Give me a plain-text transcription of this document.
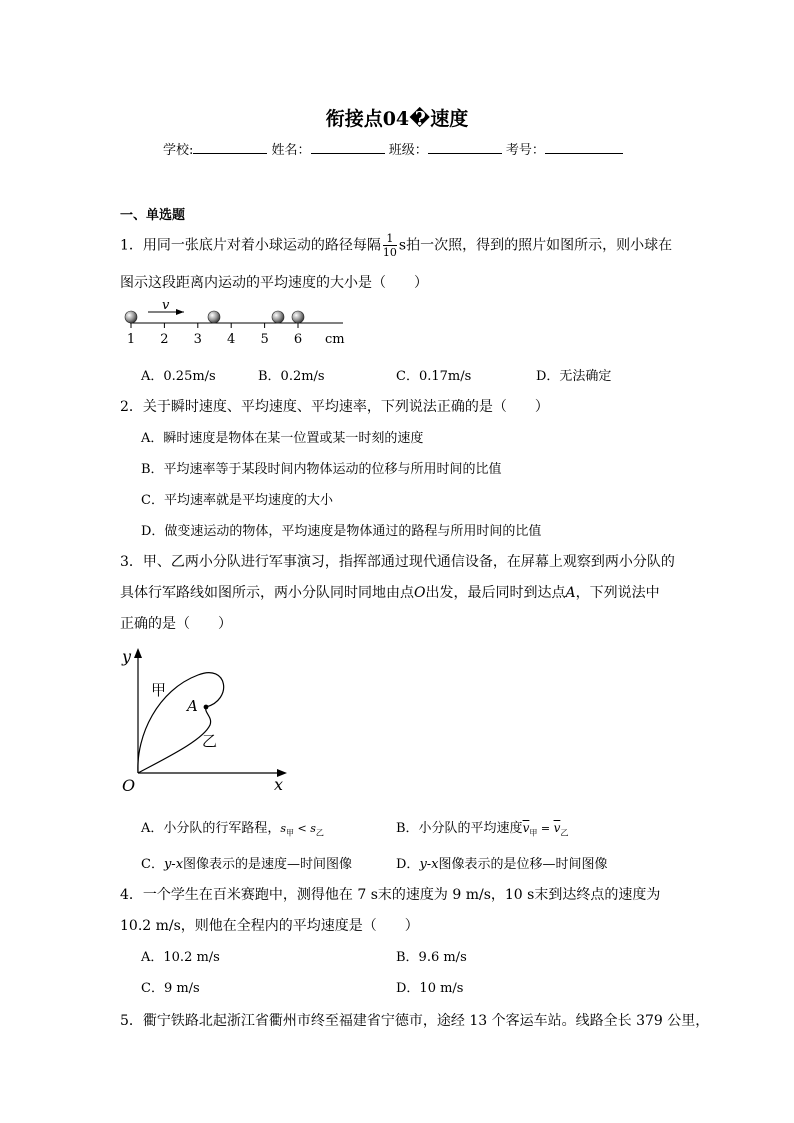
衔接点04�速度
学校:	姓名：	班级：	考号：
一、单选题
1．用同一张底片对着小球运动的路径每隔 $\frac{1}{10}$ s拍一次照，得到的照片如图所示，则小球在
图示这段距离内运动的平均速度的大小是（　　）
v
1 2 3 4 5 6 cm
A．0.25m/s	B．0.2m/s	C．0.17m/s	D．无法确定
2．关于瞬时速度、平均速度、平均速率，下列说法正确的是（　　）
A．瞬时速度是物体在某一位置或某一时刻的速度
B．平均速率等于某段时间内物体运动的位移与所用时间的比值
C．平均速率就是平均速度的大小
D．做变速运动的物体，平均速度是物体通过的路程与所用时间的比值
3．甲、乙两小分队进行军事演习，指挥部通过现代通信设备，在屏幕上观察到两小分队的
具体行军路线如图所示，两小分队同时同地由点O出发，最后同时到达点A，下列说法中
正确的是（　　）
y
x
O
甲
A
乙
A．小分队的行军路程，$s_甲 < s_乙$	B．小分队的平均速度$\overline{v}_甲 = \overline{v}_乙$
C．y-x图像表示的是速度—时间图像	D．y-x图像表示的是位移—时间图像
4．一个学生在百米赛跑中，测得他在 7 s末的速度为 9 m/s，10 s末到达终点的速度为
10.2 m/s，则他在全程内的平均速度是（　　）
A．10.2 m/s	B．9.6 m/s
C．9 m/s	D．10 m/s
5．衢宁铁路北起浙江省衢州市终至福建省宁德市，途经 13 个客运车站。线路全长 379 公里，
